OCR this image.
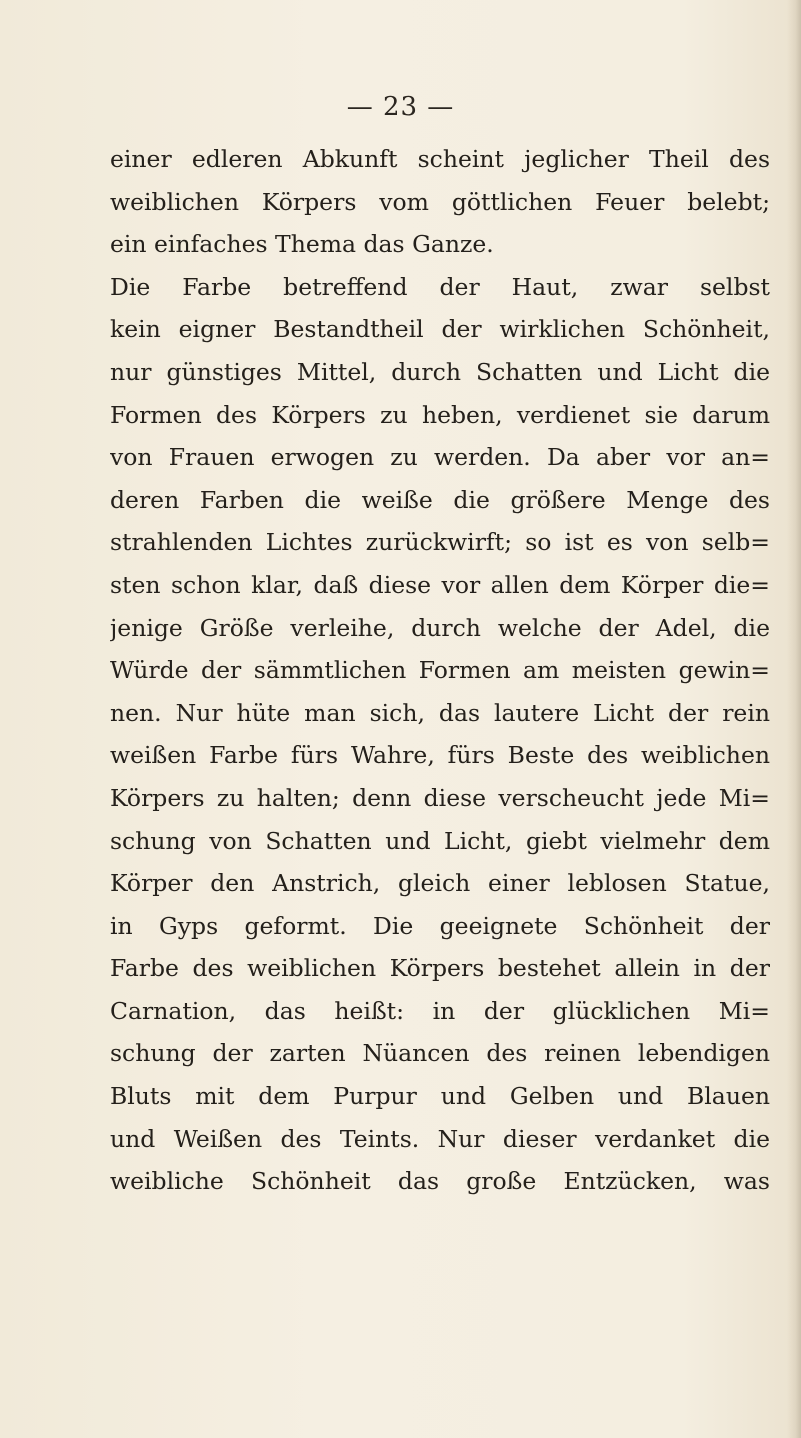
— 23 —

einer edleren Abkunft scheint jeglicher Theil des
weiblichen Körpers vom göttlichen Feuer belebt;
ein einfaches Thema das Ganze.
Die Farbe betreffend der Haut, zwar selbst
kein eigner Bestandtheil der wirklichen Schönheit,
nur günstiges Mittel, durch Schatten und Licht die
Formen des Körpers zu heben, verdienet sie darum
von Frauen erwogen zu werden. Da aber vor an=
deren Farben die weiße die größere Menge des
strahlenden Lichtes zurückwirft; so ist es von selb=
sten schon klar, daß diese vor allen dem Körper die=
jenige Größe verleihe, durch welche der Adel, die
Würde der sämmtlichen Formen am meisten gewin=
nen. Nur hüte man sich, das lautere Licht der rein
weißen Farbe fürs Wahre, fürs Beste des weiblichen
Körpers zu halten; denn diese verscheucht jede Mi=
schung von Schatten und Licht, giebt vielmehr dem
Körper den Anstrich, gleich einer leblosen Statue,
in Gyps geformt. Die geeignete Schönheit der
Farbe des weiblichen Körpers bestehet allein in der
Carnation, das heißt: in der glücklichen Mi=
schung der zarten Nüancen des reinen lebendigen
Bluts mit dem Purpur und Gelben und Blauen
und Weißen des Teints. Nur dieser verdanket die
weibliche Schönheit das große Entzücken, was
